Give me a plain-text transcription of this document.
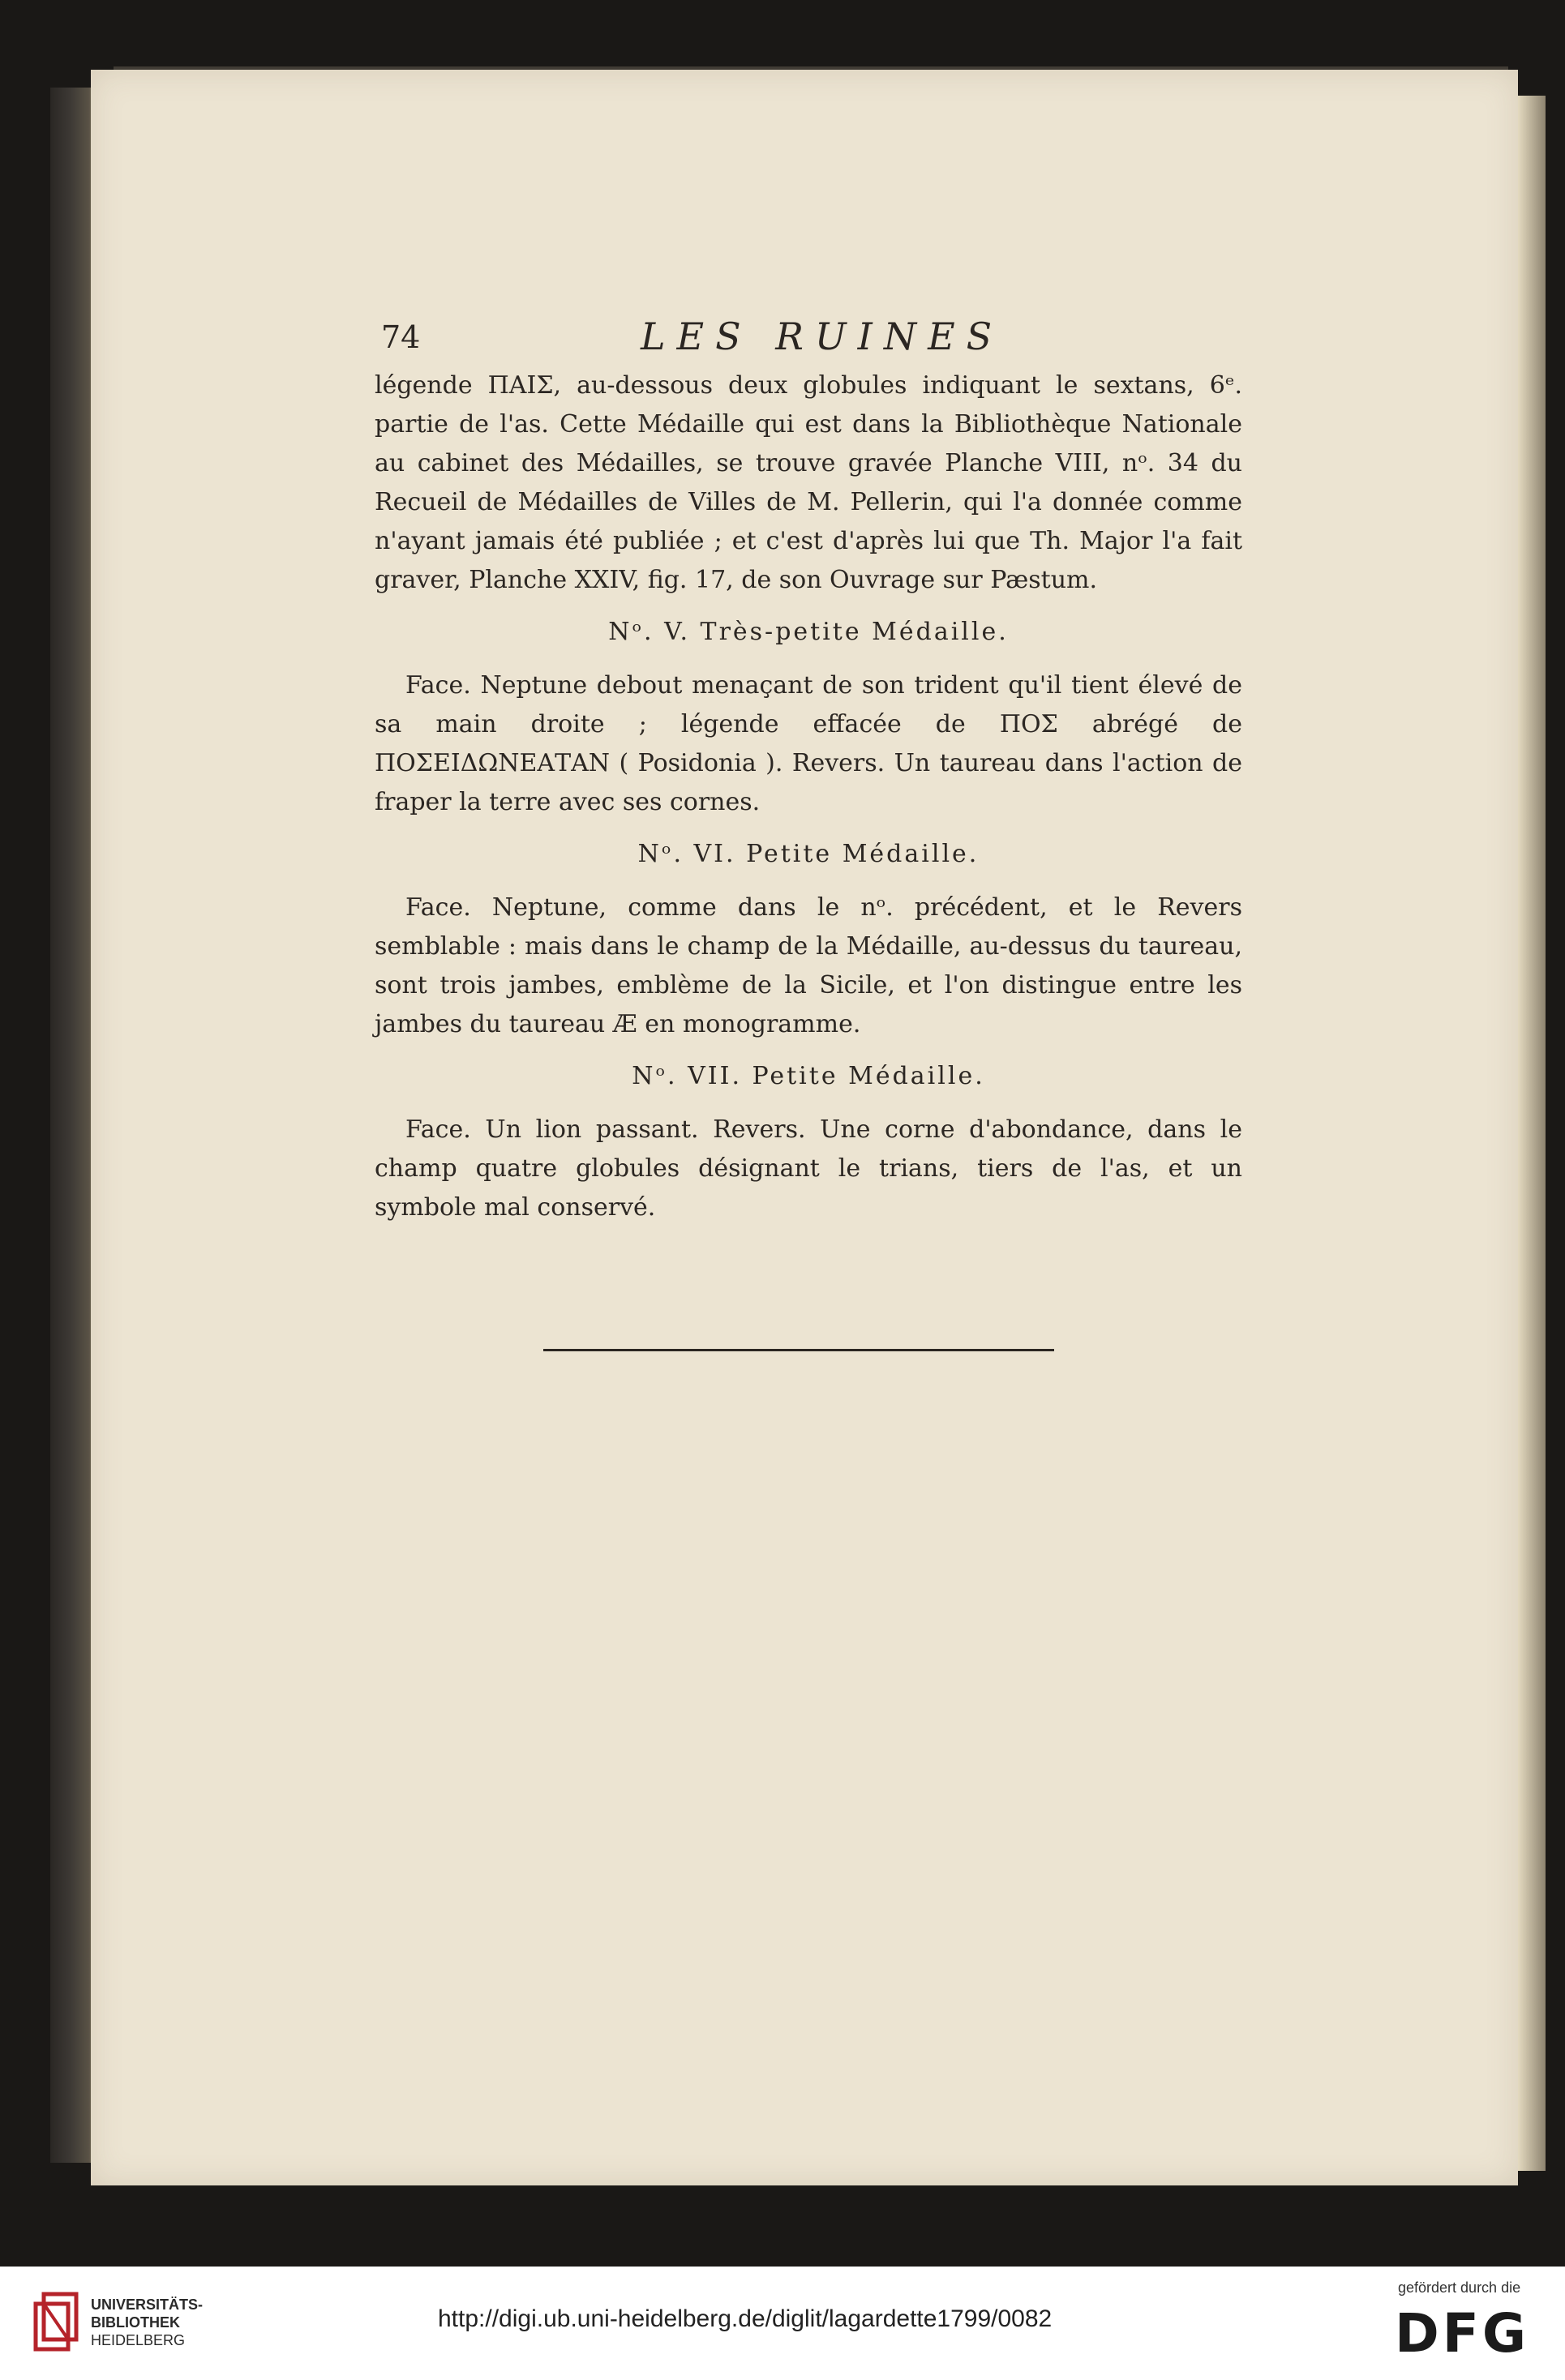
74	LES RUINES

légende ΠΑΙΣ, au-dessous deux globules indiquant le sextans, 6ᵉ. partie de l'as. Cette Médaille qui est dans la Bibliothèque Nationale au cabinet des Médailles, se trouve gravée Planche VIII, nᵒ. 34 du Recueil de Médailles de Villes de M. Pellerin, qui l'a donnée comme n'ayant jamais été publiée ; et c'est d'après lui que Th. Major l'a fait graver, Planche XXIV, fig. 17, de son Ouvrage sur Pæstum.

Nᵒ. V. Très-petite Médaille.

Face. Neptune debout menaçant de son trident qu'il tient élevé de sa main droite ; légende effacée de ΠΟΣ abrégé de ΠΟΣΕΙΔΩΝΕΑΤΑΝ ( Posidonia ). Revers. Un taureau dans l'action de fraper la terre avec ses cornes.

Nᵒ. VI. Petite Médaille.

Face. Neptune, comme dans le nᵒ. précédent, et le Revers semblable : mais dans le champ de la Médaille, au-dessus du taureau, sont trois jambes, emblème de la Sicile, et l'on distingue entre les jambes du taureau Æ en monogramme.

Nᵒ. VII. Petite Médaille.

Face. Un lion passant. Revers. Une corne d'abondance, dans le champ quatre globules désignant le trians, tiers de l'as, et un symbole mal conservé.

UNIVERSITÄTS-
BIBLIOTHEK
HEIDELBERG
http://digi.ub.uni-heidelberg.de/diglit/lagardette1799/0082
gefördert durch die
DFG
